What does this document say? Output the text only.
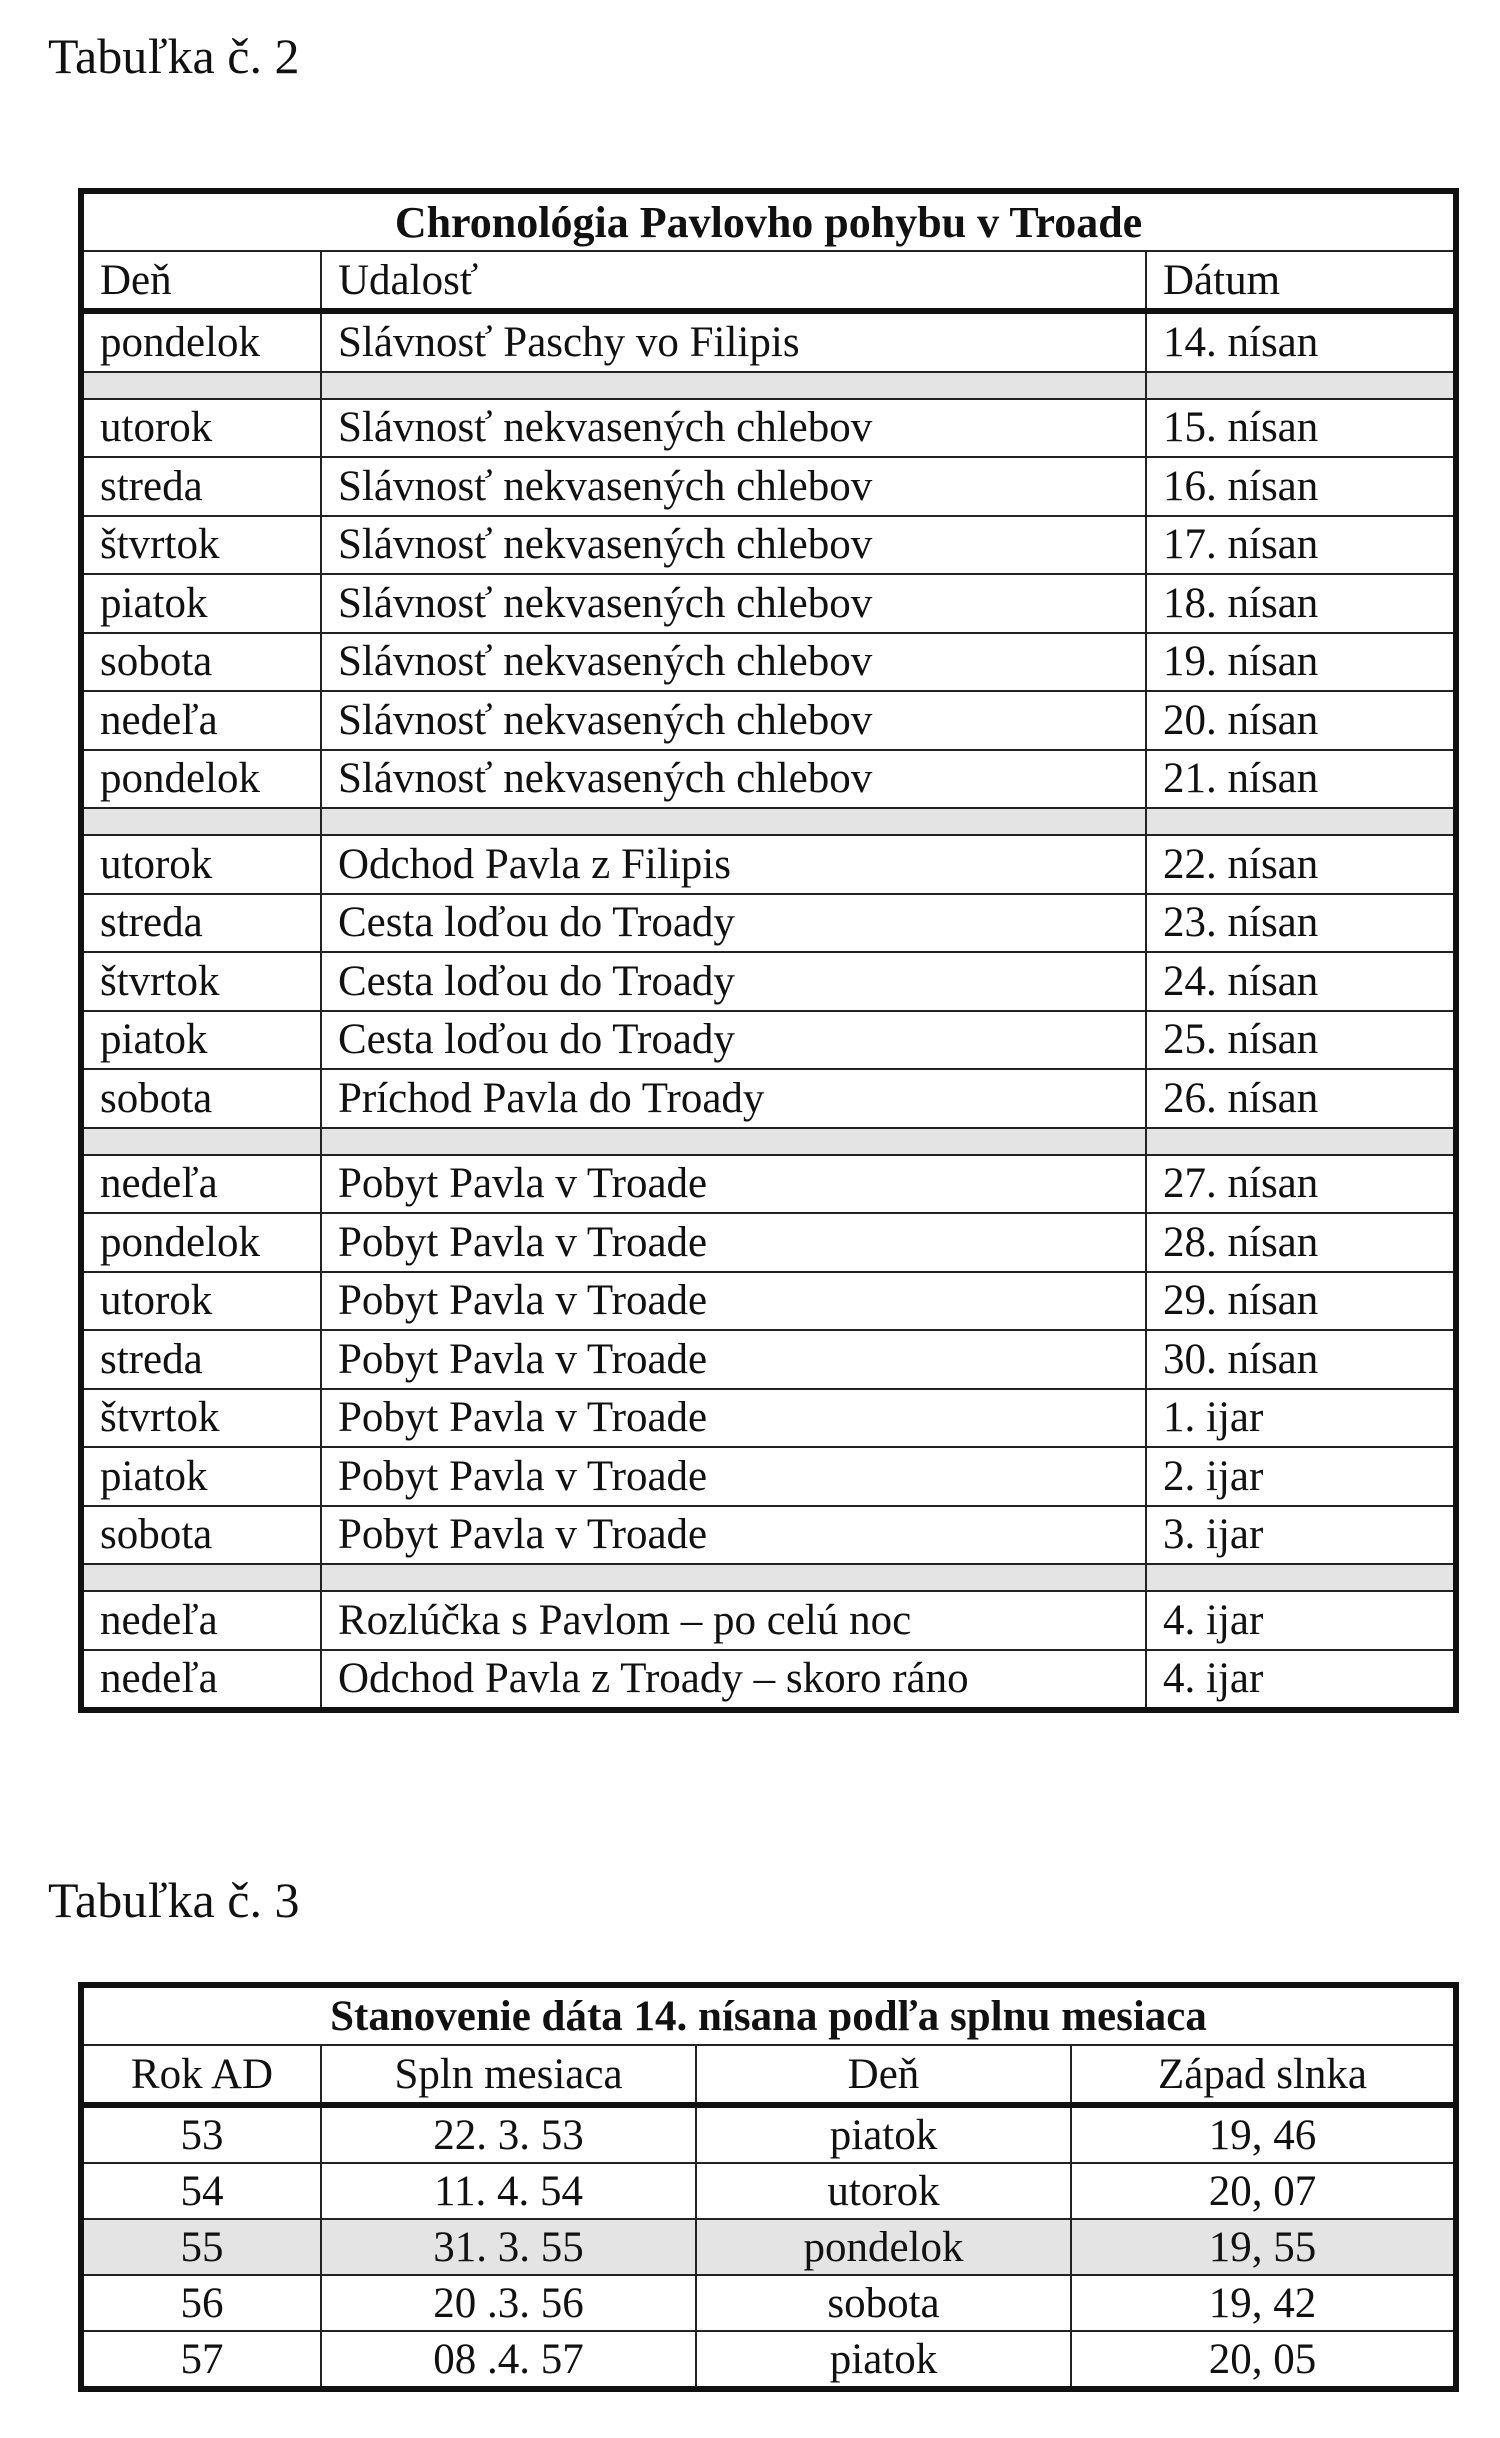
Tabuľka č. 2
Chronológia Pavlovho pohybu v Troade		
Deň	Udalosť	Dátum
pondelok	Slávnosť Paschy vo Filipis	14. nísan

utorok	Slávnosť nekvasených chlebov	15. nísan
streda	Slávnosť nekvasených chlebov	16. nísan
štvrtok	Slávnosť nekvasených chlebov	17. nísan
piatok	Slávnosť nekvasených chlebov	18. nísan
sobota	Slávnosť nekvasených chlebov	19. nísan
nedeľa	Slávnosť nekvasených chlebov	20. nísan
pondelok	Slávnosť nekvasených chlebov	21. nísan

utorok	Odchod Pavla z Filipis	22. nísan
streda	Cesta loďou do Troady	23. nísan
štvrtok	Cesta loďou do Troady	24. nísan
piatok	Cesta loďou do Troady	25. nísan
sobota	Príchod Pavla do Troady	26. nísan

nedeľa	Pobyt Pavla v Troade	27. nísan
pondelok	Pobyt Pavla v Troade	28. nísan
utorok	Pobyt Pavla v Troade	29. nísan
streda	Pobyt Pavla v Troade	30. nísan
štvrtok	Pobyt Pavla v Troade	1. ijar
piatok	Pobyt Pavla v Troade	2. ijar
sobota	Pobyt Pavla v Troade	3. ijar

nedeľa	Rozlúčka s Pavlom – po celú noc	4. ijar
nedeľa	Odchod Pavla z Troady – skoro ráno	4. ijar
Tabuľka č. 3
Stanovenie dáta 14. nísana podľa splnu mesiaca			
Rok AD	Spln mesiaca	Deň	Západ slnka
53	22. 3. 53	piatok	19, 46
54	11. 4. 54	utorok	20, 07
55	31. 3. 55	pondelok	19, 55
56	20 .3. 56	sobota	19, 42
57	08 .4. 57	piatok	20, 05
